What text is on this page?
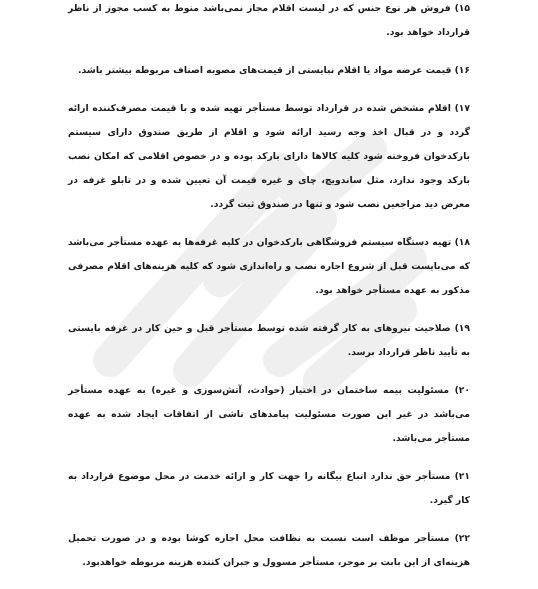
۱۵) فروش هر نوع جنس که در لیست اقلام مجاز نمی‌باشد منوط به کسب مجوز از ناظر قرارداد خواهد بود.

۱۶) قیمت عرضه مواد یا اقلام نبایستی از قیمت‌های مصوبه اصناف مربوطه بیشتر باشد.

۱۷) اقلام مشخص شده در قرارداد توسط مستأجر تهیه شده و با قیمت مصرف‌کننده ارائه گردد و در قبال اخذ وجه رسید ارائه شود و اقلام از طریق صندوق دارای سیستم بارکدخوان فروخته شود کلیه کالاها دارای بارکد بوده و در خصوص اقلامی که امکان نصب بارکد وجود ندارد، مثل ساندویچ، چای و غیره قیمت آن تعیین شده و در تابلو غرفه در معرض دید مراجعین نصب شود و تنها در صندوق ثبت گردد.

۱۸) تهیه دستگاه سیستم فروشگاهی بارکدخوان در کلیه غرفه‌ها به عهده مستأجر می‌باشد که می‌بایست قبل از شروع اجاره نصب و راه‌اندازی شود که کلیه هزینه‌های اقلام مصرفی مذکور به عهده مستأجر خواهد بود.

۱۹) صلاحیت نیروهای به کار گرفته شده توسط مستأجر قبل و حین کار در غرفه بایستی به تأیید ناظر قرارداد برسد.

۲۰) مسئولیت بیمه ساختمان در اختیار (حوادث، آتش‌سوزی و غیره) به عهده مستأجر می‌باشد در غیر این صورت مسئولیت پیامدهای ناشی از اتفاقات ایجاد شده به عهده مستأجر می‌باشد.

۲۱) مستأجر حق ندارد اتباع بیگانه را جهت کار و ارائه خدمت در محل موضوع قرارداد به کار گیرد.

۲۲) مستأجر موظف است نسبت به نظافت محل اجاره کوشا بوده و در صورت تحمیل هزینه‌ای از این بابت بر موجر، مستأجر مسوول و جبران کننده هزینه مربوطه خواهدبود.
